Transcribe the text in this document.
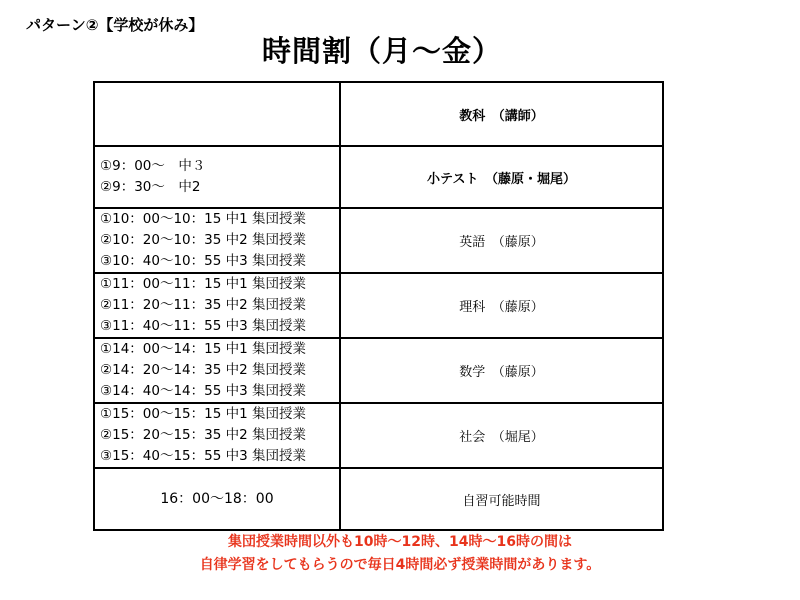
パターン②【学校が休み】
時間割（月〜金）
	教科　（講師）

①9：00〜　中３
②9：30〜　中2	小テスト　（藤原・堀尾）

①10：00〜10：15 中1 集団授業
②10：20〜10：35 中2 集団授業
③10：40〜10：55 中3 集団授業	英語　（藤原）

①11：00〜11：15 中1 集団授業
②11：20〜11：35 中2 集団授業
③11：40〜11：55 中3 集団授業	理科　（藤原）

①14：00〜14：15 中1 集団授業
②14：20〜14：35 中2 集団授業
③14：40〜14：55 中3 集団授業	数学　（藤原）

①15：00〜15：15 中1 集団授業
②15：20〜15：35 中2 集団授業
③15：40〜15：55 中3 集団授業	社会　（堀尾）

16：00〜18：00	自習可能時間
集団授業時間以外も10時〜12時、14時〜16時の間は
自律学習をしてもらうので毎日4時間必ず授業時間があります。
